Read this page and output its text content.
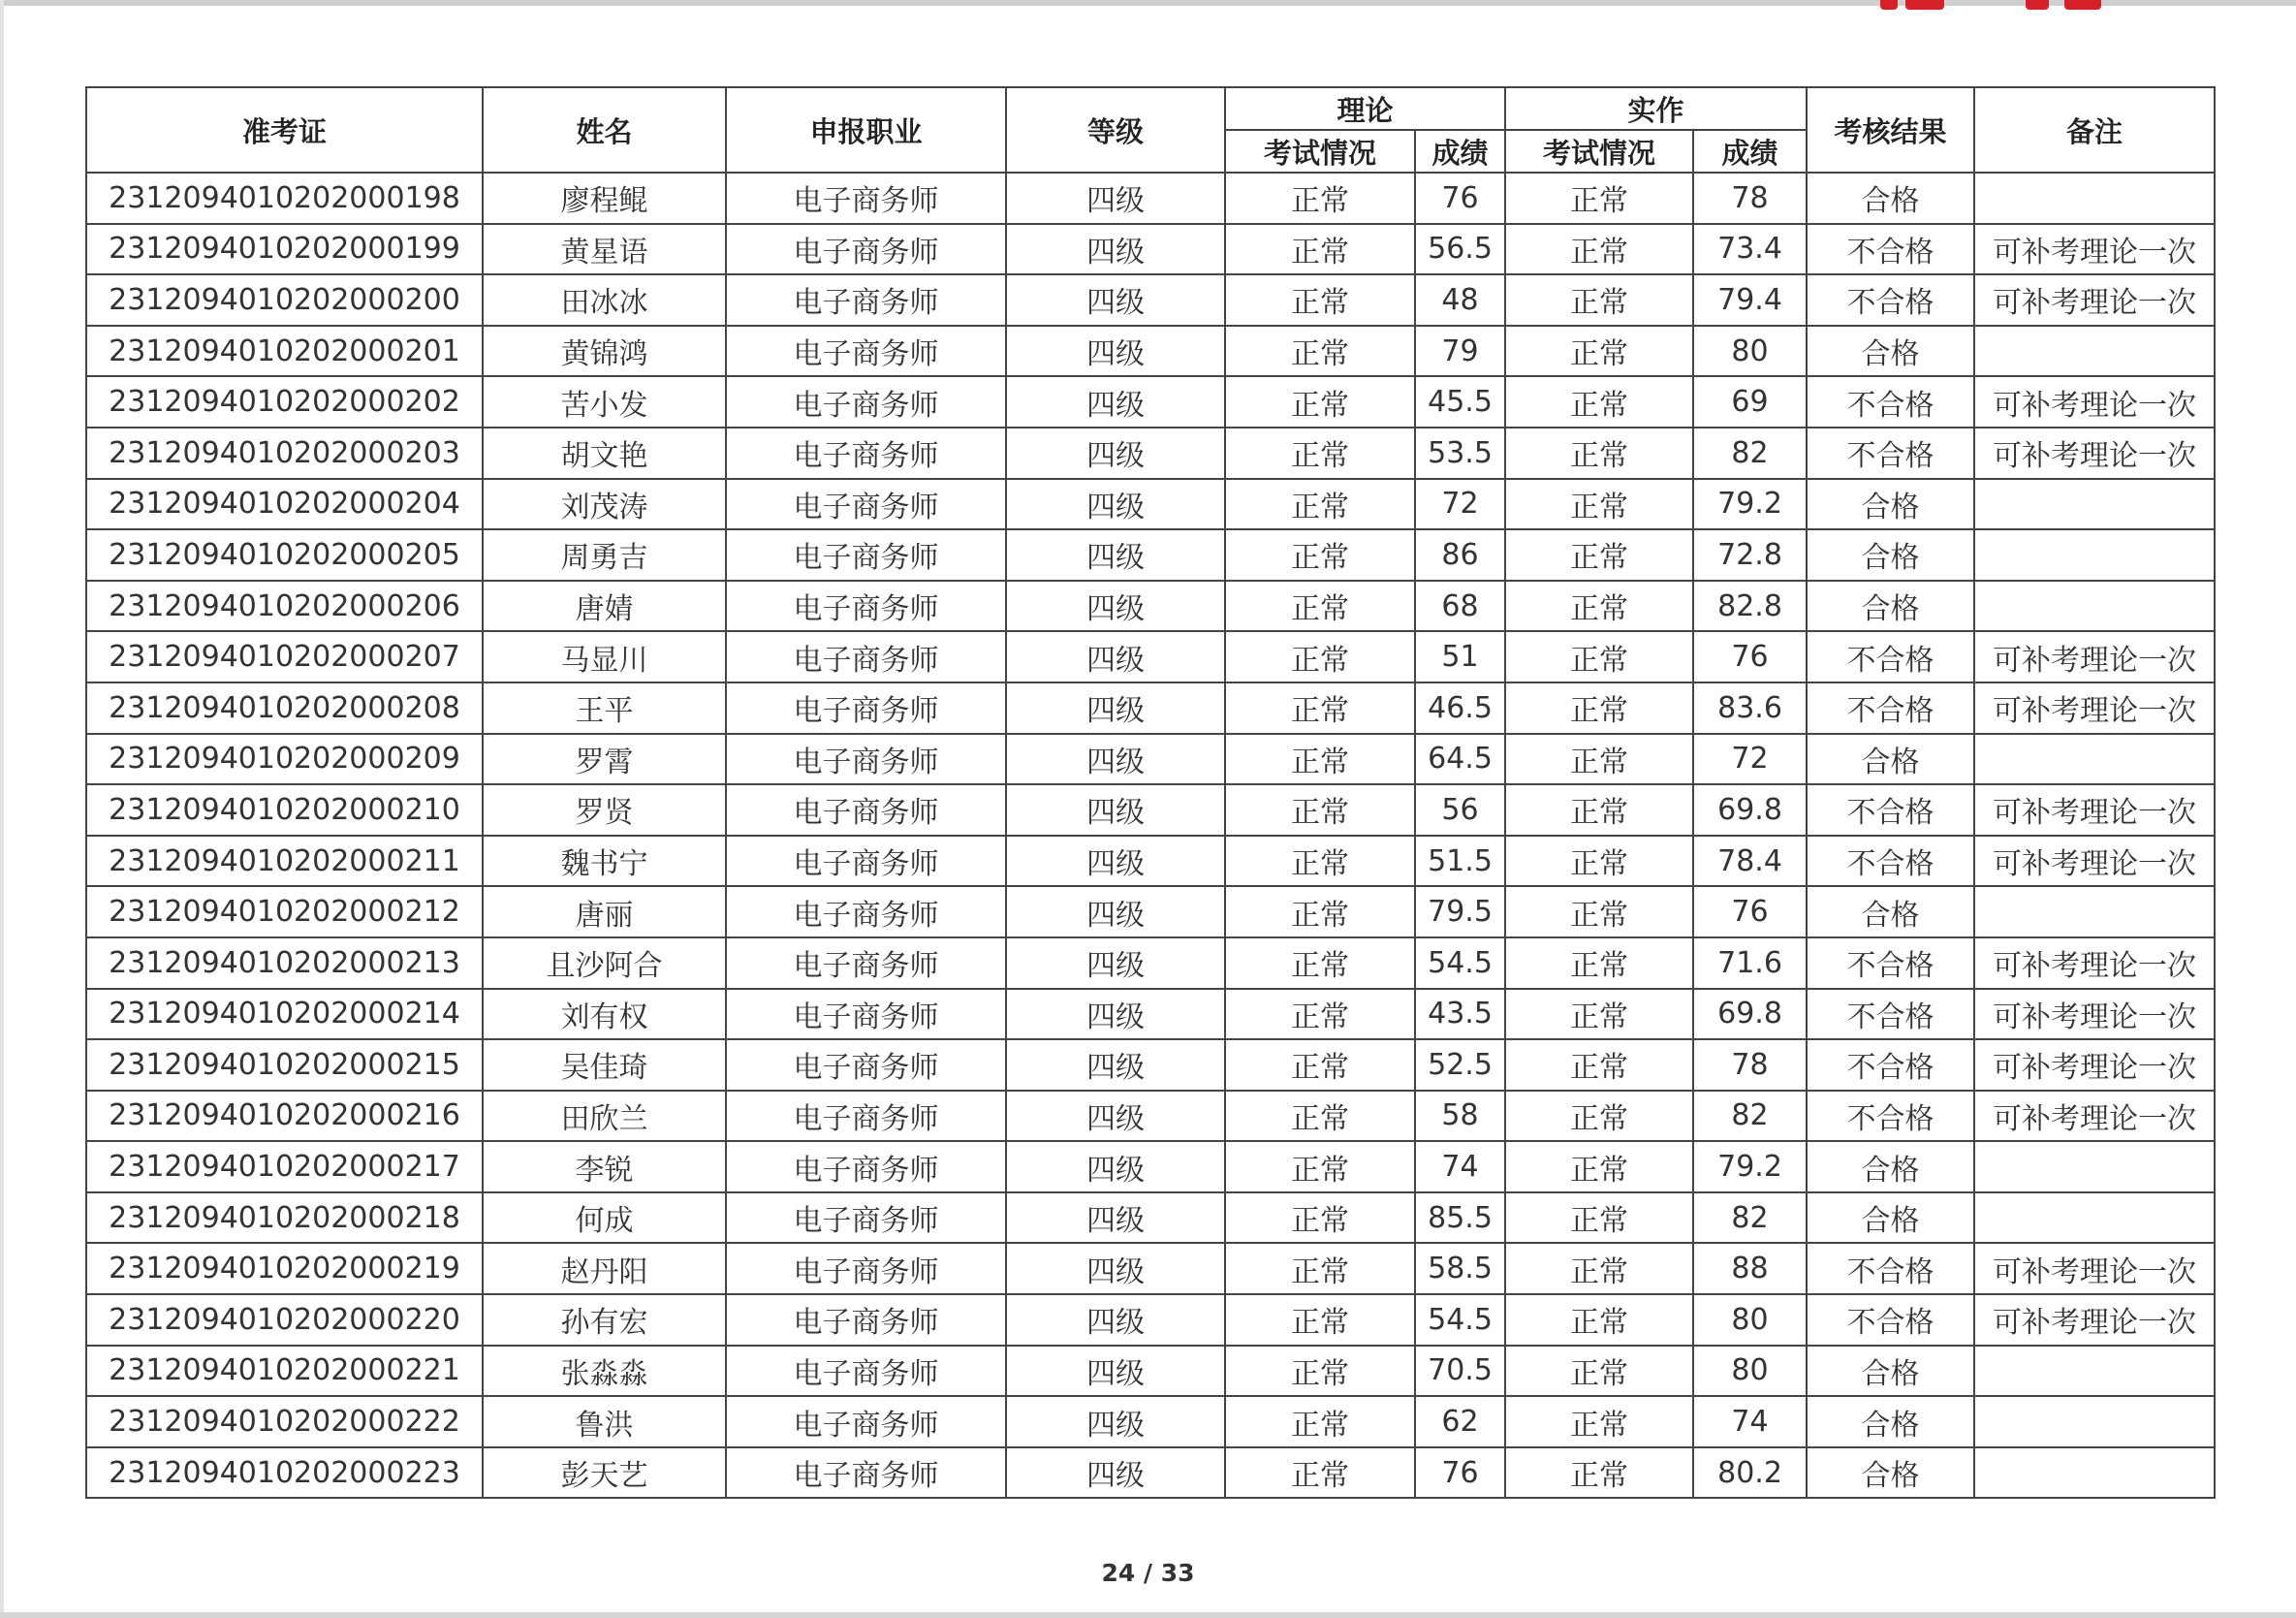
准考证	姓名	申报职业	等级	理论		实作		考核结果	备注
				考试情况	成绩	考试情况	成绩		
2312094010202000198	廖程鲲	电子商务师	四级	正常	76	正常	78	合格	
2312094010202000199	黄星语	电子商务师	四级	正常	56.5	正常	73.4	不合格	可补考理论一次
2312094010202000200	田冰冰	电子商务师	四级	正常	48	正常	79.4	不合格	可补考理论一次
2312094010202000201	黄锦鸿	电子商务师	四级	正常	79	正常	80	合格	
2312094010202000202	苦小发	电子商务师	四级	正常	45.5	正常	69	不合格	可补考理论一次
2312094010202000203	胡文艳	电子商务师	四级	正常	53.5	正常	82	不合格	可补考理论一次
2312094010202000204	刘茂涛	电子商务师	四级	正常	72	正常	79.2	合格	
2312094010202000205	周勇吉	电子商务师	四级	正常	86	正常	72.8	合格	
2312094010202000206	唐婧	电子商务师	四级	正常	68	正常	82.8	合格	
2312094010202000207	马显川	电子商务师	四级	正常	51	正常	76	不合格	可补考理论一次
2312094010202000208	王平	电子商务师	四级	正常	46.5	正常	83.6	不合格	可补考理论一次
2312094010202000209	罗霄	电子商务师	四级	正常	64.5	正常	72	合格	
2312094010202000210	罗贤	电子商务师	四级	正常	56	正常	69.8	不合格	可补考理论一次
2312094010202000211	魏书宁	电子商务师	四级	正常	51.5	正常	78.4	不合格	可补考理论一次
2312094010202000212	唐丽	电子商务师	四级	正常	79.5	正常	76	合格	
2312094010202000213	且沙阿合	电子商务师	四级	正常	54.5	正常	71.6	不合格	可补考理论一次
2312094010202000214	刘有权	电子商务师	四级	正常	43.5	正常	69.8	不合格	可补考理论一次
2312094010202000215	吴佳琦	电子商务师	四级	正常	52.5	正常	78	不合格	可补考理论一次
2312094010202000216	田欣兰	电子商务师	四级	正常	58	正常	82	不合格	可补考理论一次
2312094010202000217	李锐	电子商务师	四级	正常	74	正常	79.2	合格	
2312094010202000218	何成	电子商务师	四级	正常	85.5	正常	82	合格	
2312094010202000219	赵丹阳	电子商务师	四级	正常	58.5	正常	88	不合格	可补考理论一次
2312094010202000220	孙有宏	电子商务师	四级	正常	54.5	正常	80	不合格	可补考理论一次
2312094010202000221	张淼淼	电子商务师	四级	正常	70.5	正常	80	合格	
2312094010202000222	鲁洪	电子商务师	四级	正常	62	正常	74	合格	
2312094010202000223	彭天艺	电子商务师	四级	正常	76	正常	80.2	合格	
24 / 33
